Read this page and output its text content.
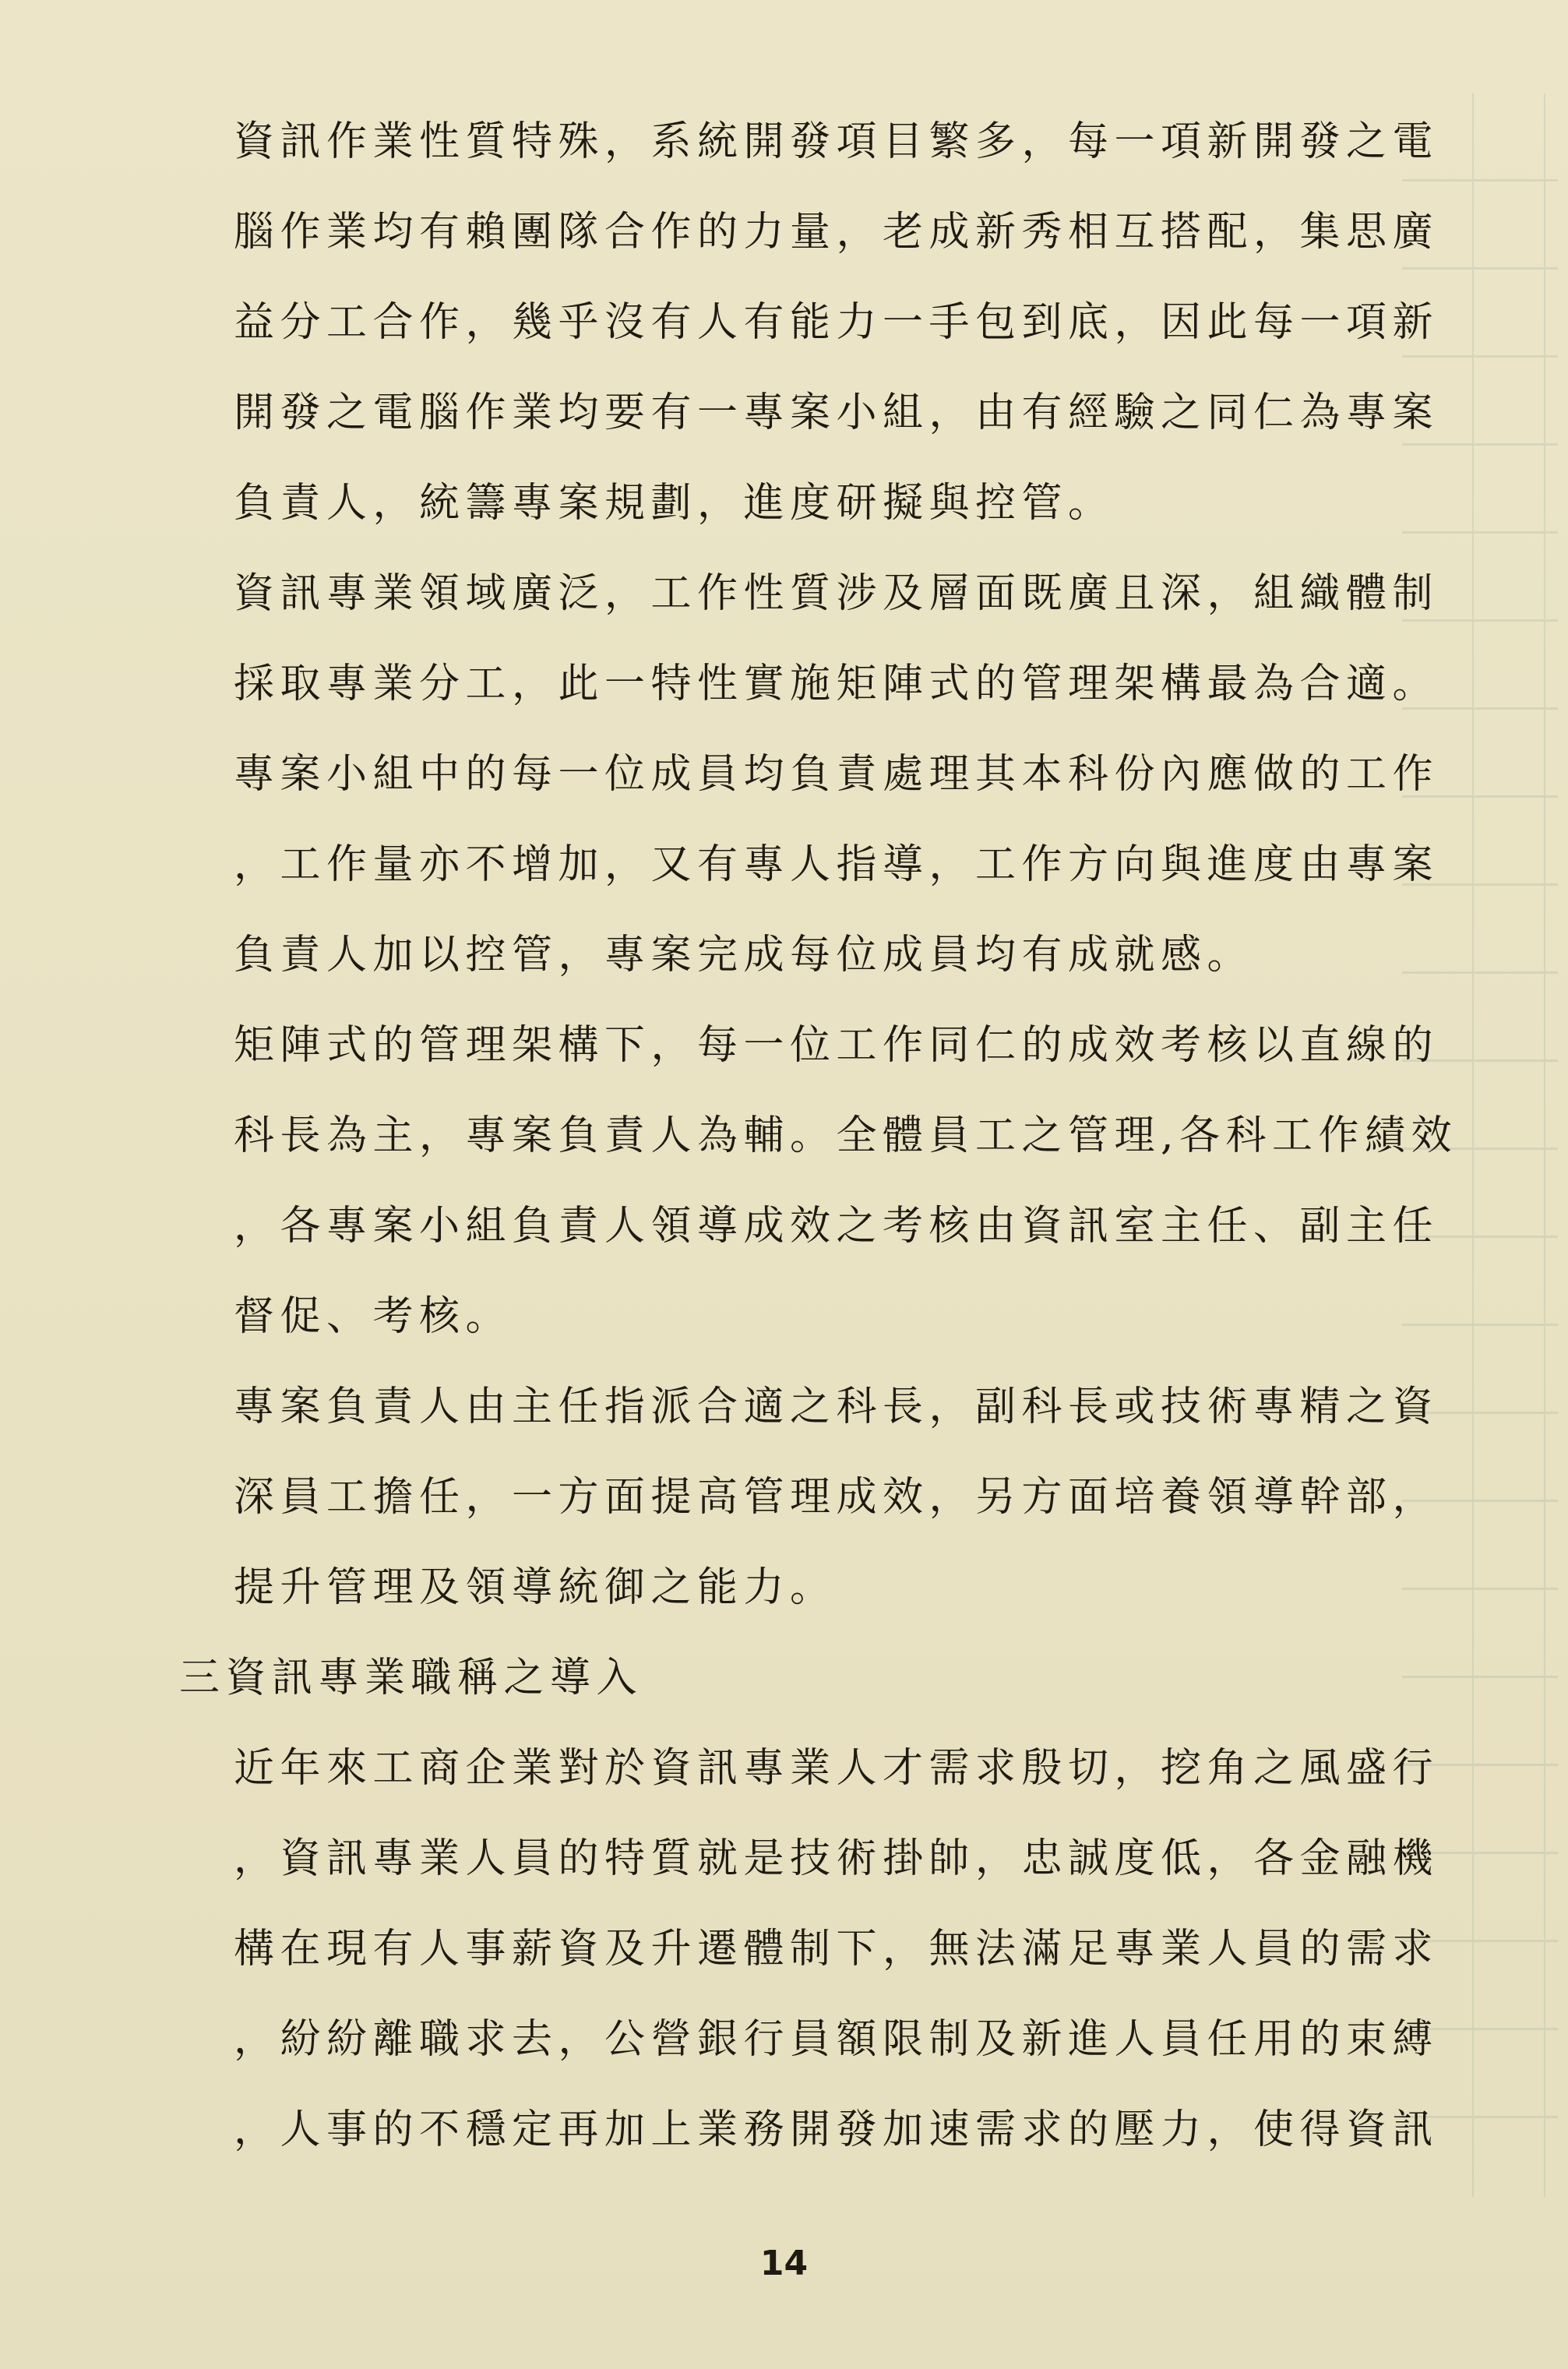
資訊作業性質特殊，系統開發項目繁多，每一項新開發之電
腦作業均有賴團隊合作的力量，老成新秀相互搭配，集思廣
益分工合作，幾乎沒有人有能力一手包到底，因此每一項新
開發之電腦作業均要有一專案小組，由有經驗之同仁為專案
負責人，統籌專案規劃，進度研擬與控管。
資訊專業領域廣泛，工作性質涉及層面既廣且深，組織體制
採取專業分工，此一特性實施矩陣式的管理架構最為合適。
專案小組中的每一位成員均負責處理其本科份內應做的工作
，工作量亦不增加，又有專人指導，工作方向與進度由專案
負責人加以控管，專案完成每位成員均有成就感。
矩陣式的管理架構下，每一位工作同仁的成效考核以直線的
科長為主，專案負責人為輔。全體員工之管理,各科工作績效
，各專案小組負責人領導成效之考核由資訊室主任、副主任
督促、考核。
專案負責人由主任指派合適之科長，副科長或技術專精之資
深員工擔任，一方面提高管理成效，另方面培養領導幹部，
提升管理及領導統御之能力。
三資訊專業職稱之導入
近年來工商企業對於資訊專業人才需求殷切，挖角之風盛行
，資訊專業人員的特質就是技術掛帥，忠誠度低，各金融機
構在現有人事薪資及升遷體制下，無法滿足專業人員的需求
，紛紛離職求去，公營銀行員額限制及新進人員任用的束縛
，人事的不穩定再加上業務開發加速需求的壓力，使得資訊
14
